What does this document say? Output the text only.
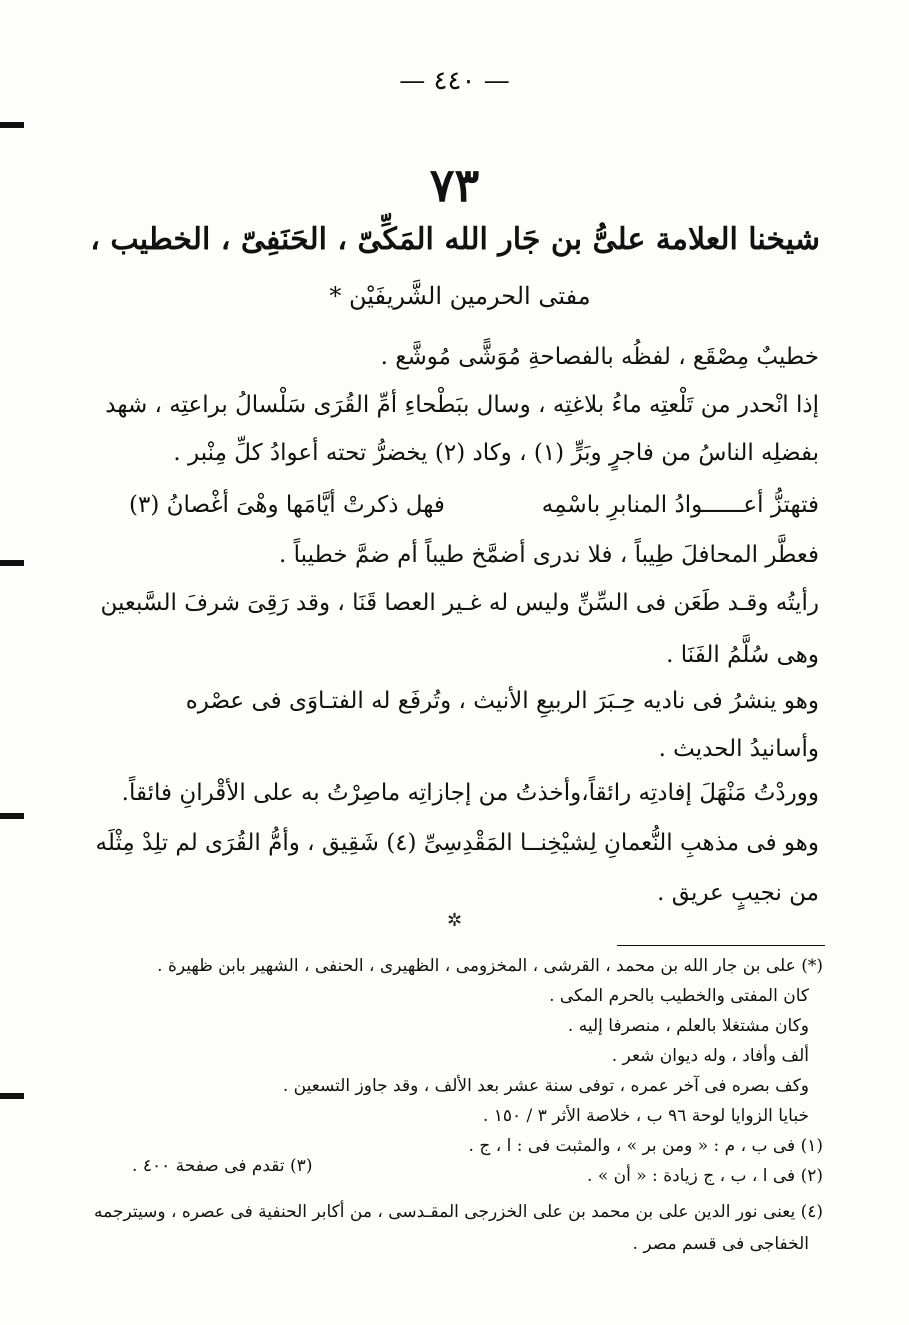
— ٤٤٠ —
٧٣
شيخنا العلامة علىُّ بن جَار الله المَكِّىّ ، الحَنَفِىّ ، الخطيب ،
مفتى الحرمين الشَّريفَيْن *
خطيبٌ مِصْقَع ، لفظُه بالفصاحةِ مُوَشًّى مُوشَّع .
إذا انْحدر من تَلْعتِه ماءُ بلاغتِه ، وسال ببَطْحاءِ أمِّ القُرَى سَلْسالُ براعتِه ، شهد
بفضلِه الناسُ من فاجرٍ وبَرٍّ (١) ، وكاد (٢) يخضرُّ تحته أعوادُ كلِّ مِنْبر .
فتهتزُّ أعــــــوادُ المنابرِ باسْمِه
فهل ذكرتْ أيَّامَها وهْىَ أغْصانُ (٣)
فعطَّر المحافلَ طِيباً ، فلا ندرى أضمَّخ طيباً أم ضمَّ خطيباً .
رأيتُه وقـد طَعَن فى السِّنِّ وليس له غـير العصا قَنَا ، وقد رَقِىَ شرفَ السَّبعين
وهى سُلَّمُ الفَنَا .
وهو ينشرُ فى ناديه حِـبَرَ الربيعِ الأنيث ، وتُرفَع له الفتـاوَى فى عصْره
وأسانيدُ الحديث .
ووردْتُ مَنْهَلَ إفادتِه رائقاً،وأخذتُ من إجازاتِه ماصِرْتُ به على الأقْرانِ فائقاً.
وهو فى مذهبِ النُّعمانِ لِشيْخِنــا المَقْدِسِىِّ (٤) شَقِيق ، وأمُّ القُرَى لم تلِدْ مِثْلَه
من نجيبٍ عريق .
✲
(*) على بن جار الله بن محمد ، القرشى ، المخزومى ، الظهيرى ، الحنفى ، الشهير بابن ظهيرة .
كان المفتى والخطيب بالحرم المكى .
وكان مشتغلا بالعلم ، منصرفا إليه .
ألف وأفاد ، وله ديوان شعر .
وكف بصره فى آخر عمره ، توفى سنة عشر بعد الألف ، وقد جاوز التسعين .
خبايا الزوايا لوحة ٩٦ ب ، خلاصة الأثر ٣ / ١٥٠ .
(١) فى ب ، م : « ومن بر » ، والمثبت فى : ا ، ج .
(٢) فى ا ، ب ، ج زيادة : « أن » .
(٣) تقدم فى صفحة ٤٠٠ .
(٤) يعنى نور الدين على بن محمد بن على الخزرجى المقـدسى ، من أكابر الحنفية فى عصره ، وسيترجمه
الخفاجى فى قسم مصر .
